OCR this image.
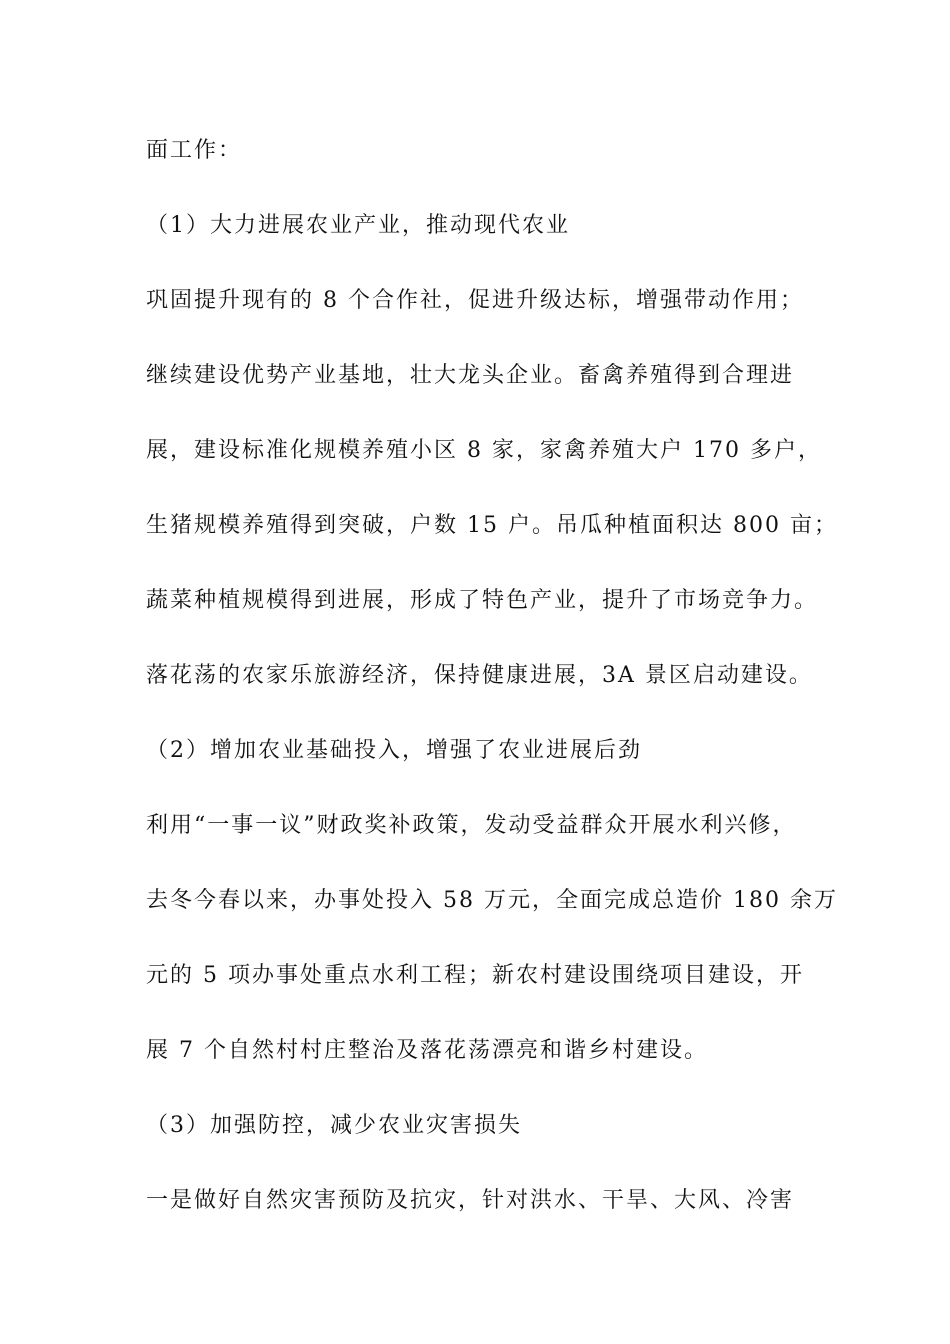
面工作：
（1）大力进展农业产业，推动现代农业
巩固提升现有的 8 个合作社，促进升级达标，增强带动作用；
继续建设优势产业基地，壮大龙头企业。畜禽养殖得到合理进
展，建设标准化规模养殖小区 8 家，家禽养殖大户 170 多户，
生猪规模养殖得到突破，户数 15 户。吊瓜种植面积达 800 亩；
蔬菜种植规模得到进展，形成了特色产业，提升了市场竞争力。
落花荡的农家乐旅游经济，保持健康进展，3A 景区启动建设。
（2）增加农业基础投入，增强了农业进展后劲
利用“一事一议”财政奖补政策，发动受益群众开展水利兴修，
去冬今春以来，办事处投入 58 万元，全面完成总造价 180 余万
元的 5 项办事处重点水利工程；新农村建设围绕项目建设，开
展 7 个自然村村庄整治及落花荡漂亮和谐乡村建设。
（3）加强防控，减少农业灾害损失
一是做好自然灾害预防及抗灾，针对洪水、干旱、大风、冷害
